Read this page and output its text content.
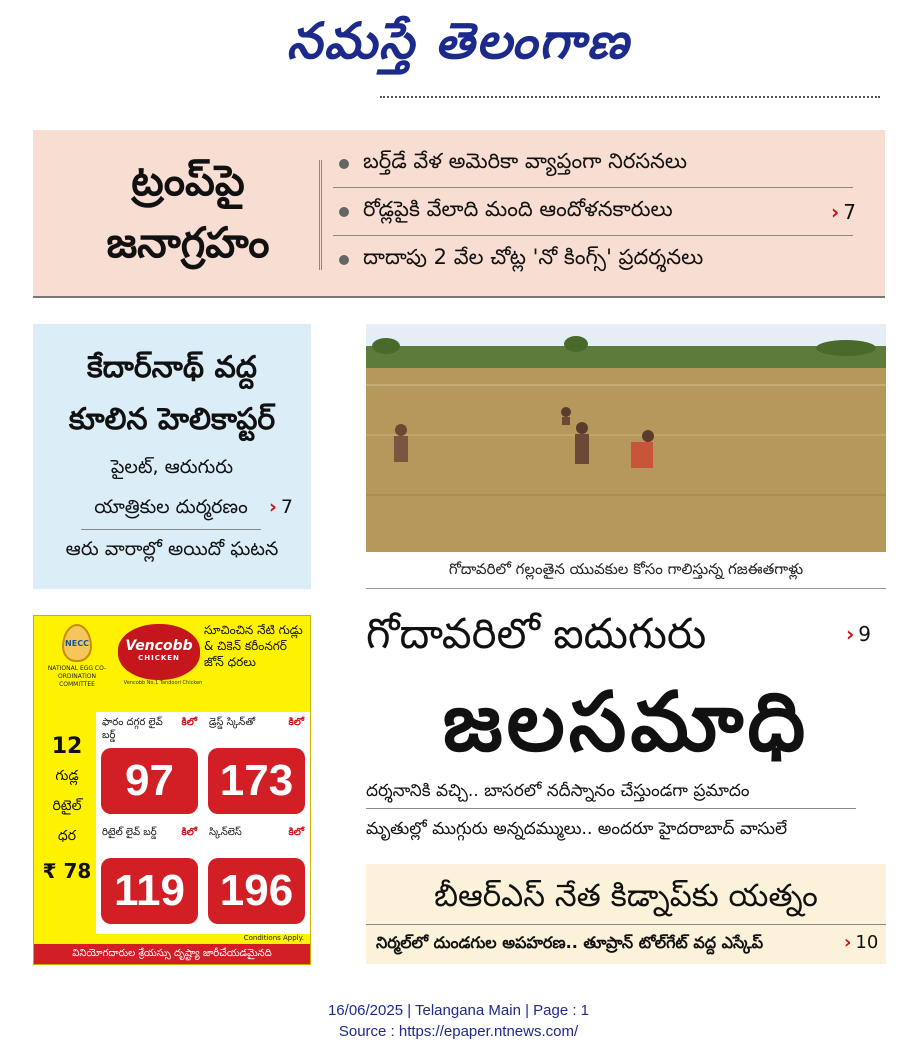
నమస్తే తెలంగాణ
ట్రంప్‌పై
జనాగ్రహం
బర్త్‌డే వేళ అమెరికా వ్యాప్తంగా నిరసనలు
రోడ్లపైకి వేలాది మంది ఆందోళనకారులు
దాదాపు 2 వేల చోట్ల 'నో కింగ్స్' ప్రదర్శనలు
› 7
కేదార్‌నాథ్ వద్ద
కూలిన హెలికాప్టర్
పైలట్, ఆరుగురు
యాత్రికుల దుర్మరణం	› 7
ఆరు వారాల్లో అయిదో ఘటన
గోదావరిలో గల్లంతైన యువకుల కోసం గాలిస్తున్న గజఈతగాళ్లు
NECC
NATIONAL EGG CO-ORDINATION COMMITTEE
Vencobb
CHICKEN
Vencobb No.1 Tandoori Chicken
సూచించిన నేటి గుడ్లు & చికెన్ కరీంనగర్ జోన్ ధరలు
12
గుడ్ల
రిటైల్
ధర
₹ 78
ఫారం దగ్గర లైవ్ బర్డ్
కిలో
97
డ్రెస్డ్ స్కిన్‌తో	కిలో
173
రిటైల్ లైవ్ బర్డ్	కిలో
119
స్కిన్‌లెస్	కిలో
196
Conditions Apply.
వినియోగదారుల శ్రేయస్సు దృష్ట్యా జారీచేయడమైనది
గోదావరిలో ఐదుగురు	› 9
జలసమాధి
దర్శనానికి వచ్చి.. బాసరలో నదీస్నానం చేస్తుండగా ప్రమాదం
మృతుల్లో ముగ్గురు అన్నదమ్ములు.. అందరూ హైదరాబాద్ వాసులే
బీఆర్ఎస్ నేత కిడ్నాప్‌కు యత్నం
నిర్మల్‌లో దుండగుల అపహరణ.. తూప్రాన్ టోల్‌గేట్ వద్ద ఎస్కేప్	› 10
16/06/2025 | Telangana Main | Page : 1
Source : https://epaper.ntnews.com/
